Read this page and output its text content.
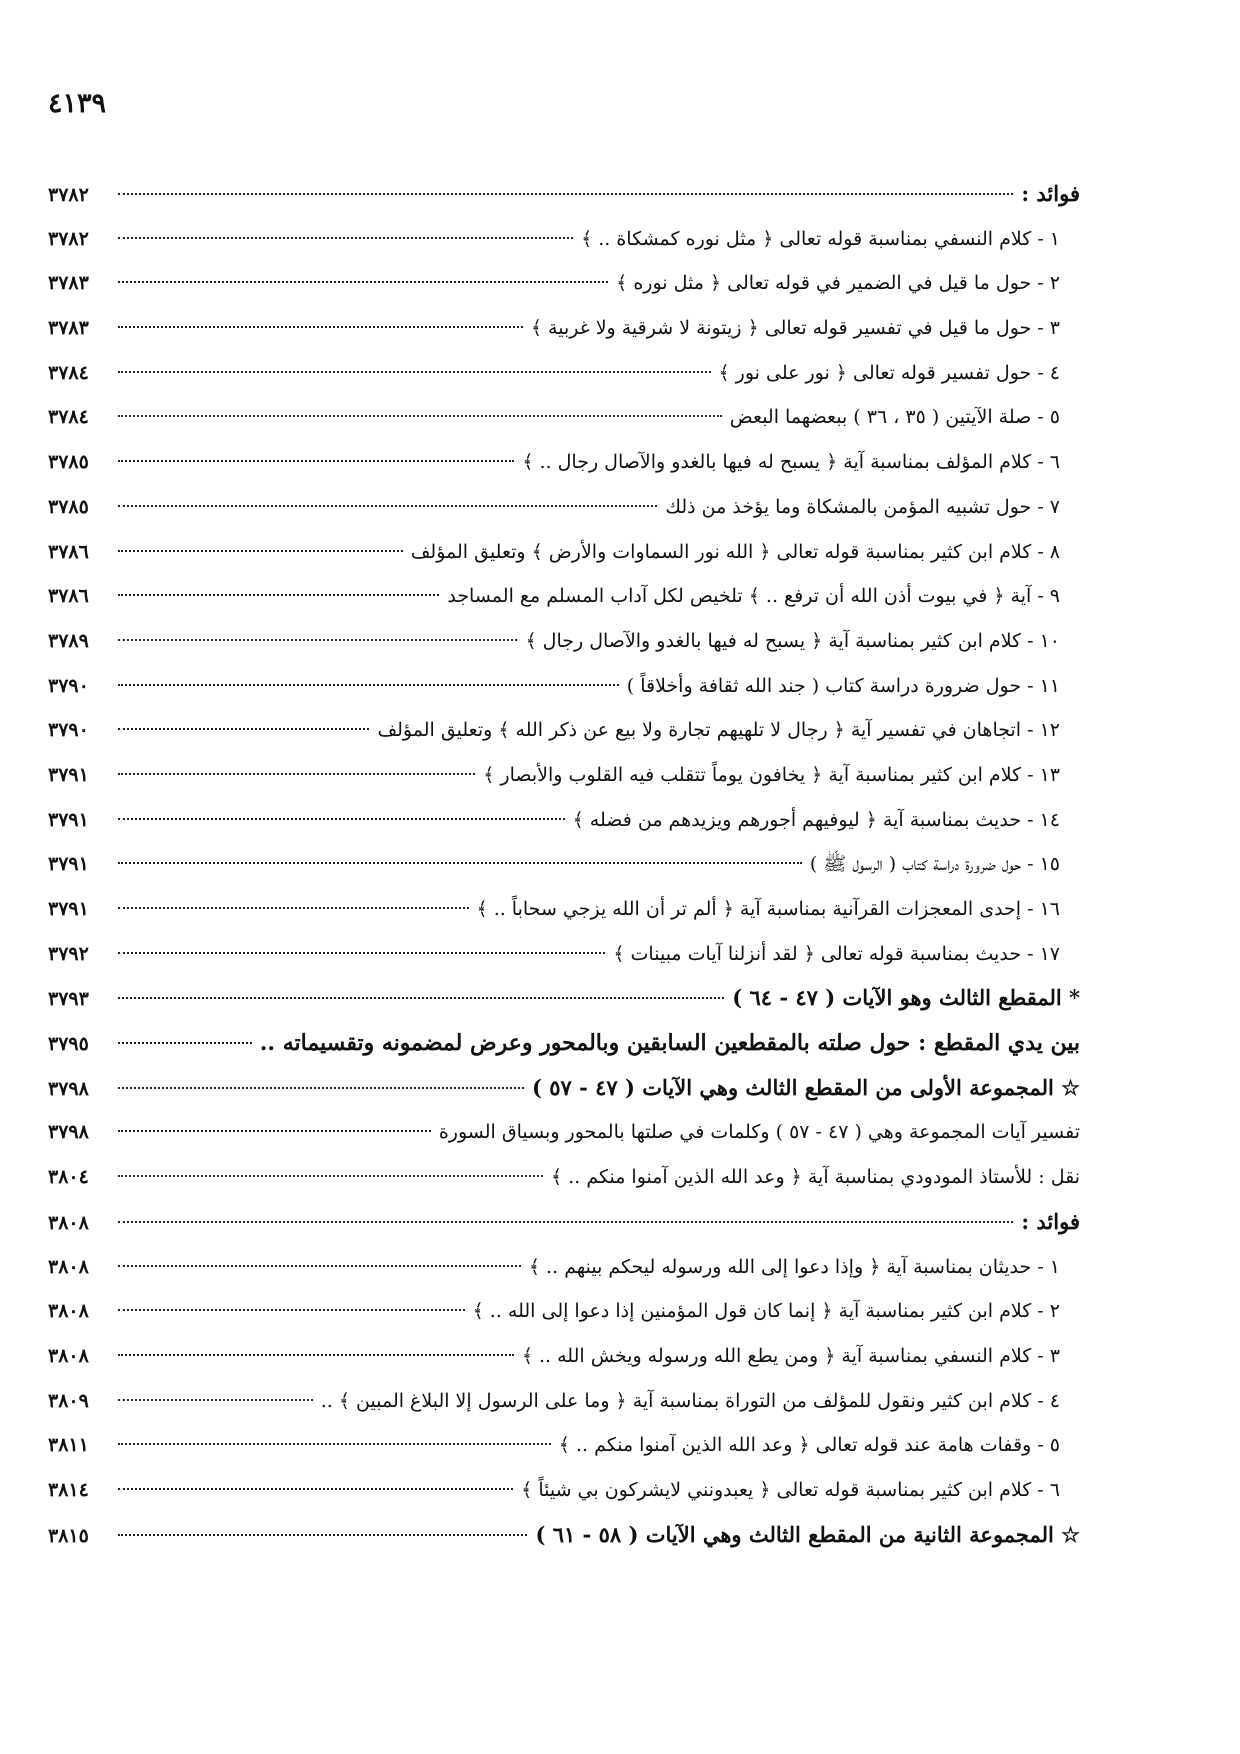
٤١٣٩
فوائد :
٣٧٨٢
١ - كلام النسفي بمناسبة قوله تعالى ﴿ مثل نوره كمشكاة .. ﴾
٣٧٨٢
٢ - حول ما قيل في الضمير في قوله تعالى ﴿ مثل نوره ﴾
٣٧٨٣
٣ - حول ما قيل في تفسير قوله تعالى ﴿ زيتونة لا شرقية ولا غربية ﴾
٣٧٨٣
٤ - حول تفسير قوله تعالى ﴿ نور على نور ﴾
٣٧٨٤
٥ - صلة الآيتين ( ٣٥ ، ٣٦ ) ببعضهما البعض
٣٧٨٤
٦ - كلام المؤلف بمناسبة آية ﴿ يسبح له فيها بالغدو والآصال رجال .. ﴾
٣٧٨٥
٧ - حول تشبيه المؤمن بالمشكاة وما يؤخذ من ذلك
٣٧٨٥
٨ - كلام ابن كثير بمناسبة قوله تعالى ﴿ الله نور السماوات والأرض ﴾ وتعليق المؤلف
٣٧٨٦
٩ - آية ﴿ في بيوت أذن الله أن ترفع .. ﴾ تلخيص لكل آداب المسلم مع المساجد
٣٧٨٦
١٠ - كلام ابن كثير بمناسبة آية ﴿ يسبح له فيها بالغدو والآصال رجال ﴾
٣٧٨٩
١١ - حول ضرورة دراسة كتاب ( جند الله ثقافة وأخلاقاً )
٣٧٩٠
١٢ - اتجاهان في تفسير آية ﴿ رجال لا تلهيهم تجارة ولا بيع عن ذكر الله ﴾ وتعليق المؤلف
٣٧٩٠
١٣ - كلام ابن كثير بمناسبة آية ﴿ يخافون يوماً تتقلب فيه القلوب والأبصار ﴾
٣٧٩١
١٤ - حديث بمناسبة آية ﴿ ليوفيهم أجورهم ويزيدهم من فضله ﴾
٣٧٩١
١٥ - حول ضرورة دراسة كتاب ( الرسول ﷺ )
٣٧٩١
١٦ - إحدى المعجزات القرآنية بمناسبة آية ﴿ ألم تر أن الله يزجي سحاباً .. ﴾
٣٧٩١
١٧ - حديث بمناسبة قوله تعالى ﴿ لقد أنزلنا آيات مبينات ﴾
٣٧٩٢
* المقطع الثالث وهو الآيات ( ٤٧ - ٦٤ )
٣٧٩٣
بين يدي المقطع : حول صلته بالمقطعين السابقين وبالمحور وعرض لمضمونه وتقسيماته ..
٣٧٩٥
☆ المجموعة الأولى من المقطع الثالث وهي الآيات ( ٤٧ - ٥٧ )
٣٧٩٨
تفسير آيات المجموعة وهي ( ٤٧ - ٥٧ ) وكلمات في صلتها بالمحور وبسياق السورة
٣٧٩٨
نقل : للأستاذ المودودي بمناسبة آية ﴿ وعد الله الذين آمنوا منكم .. ﴾
٣٨٠٤
فوائد :
٣٨٠٨
١ - حديثان بمناسبة آية ﴿ وإذا دعوا إلى الله ورسوله ليحكم بينهم .. ﴾
٣٨٠٨
٢ - كلام ابن كثير بمناسبة آية ﴿ إنما كان قول المؤمنين إذا دعوا إلى الله .. ﴾
٣٨٠٨
٣ - كلام النسفي بمناسبة آية ﴿ ومن يطع الله ورسوله ويخش الله .. ﴾
٣٨٠٨
٤ - كلام ابن كثير ونقول للمؤلف من التوراة بمناسبة آية ﴿ وما على الرسول إلا البلاغ المبين ﴾ ..
٣٨٠٩
٥ - وقفات هامة عند قوله تعالى ﴿ وعد الله الذين آمنوا منكم .. ﴾
٣٨١١
٦ - كلام ابن كثير بمناسبة قوله تعالى ﴿ يعبدونني لايشركون بي شيئاً ﴾
٣٨١٤
☆ المجموعة الثانية من المقطع الثالث وهي الآيات ( ٥٨ - ٦١ )
٣٨١٥
